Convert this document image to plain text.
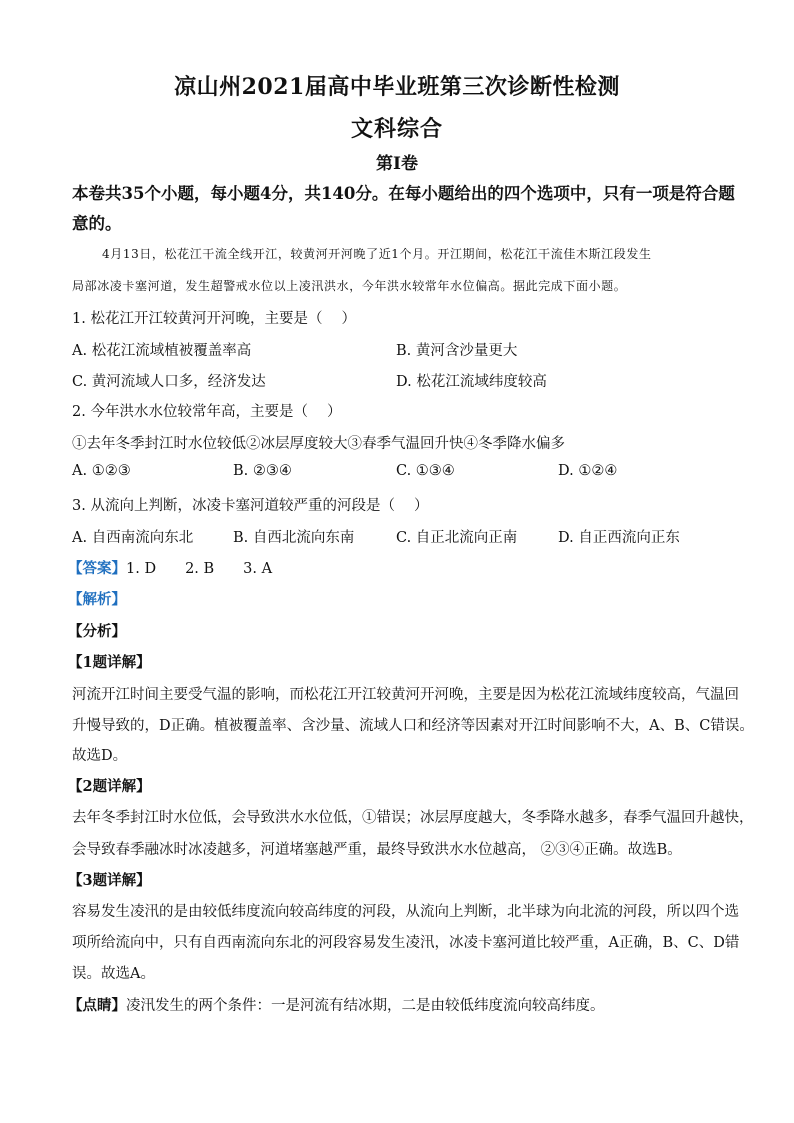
凉山州2021届高中毕业班第三次诊断性检测
文科综合
第I卷
本卷共35个小题，每小题4分，共140分。在每小题给出的四个选项中，只有一项是符合题
意的。
4月13日，松花江干流全线开江，较黄河开河晚了近1个月。开江期间，松花江干流佳木斯江段发生
局部冰凌卡塞河道，发生超警戒水位以上凌汛洪水，今年洪水较常年水位偏高。据此完成下面小题。
1. 松花江开江较黄河开河晚，主要是（　 ）
A. 松花江流域植被覆盖率高	B. 黄河含沙量更大
C. 黄河流域人口多，经济发达	D. 松花江流域纬度较高
2. 今年洪水水位较常年高，主要是（　 ）
①去年冬季封江时水位较低②冰层厚度较大③春季气温回升快④冬季降水偏多
A. ①②③	B. ②③④	C. ①③④	D. ①②④
3. 从流向上判断，冰凌卡塞河道较严重的河段是（　 ）
A. 自西南流向东北	B. 自西北流向东南	C. 自正北流向正南	D. 自正西流向正东
【答案】1. D　　2. B　　3. A
【解析】
【分析】
【1题详解】
河流开江时间主要受气温的影响，而松花江开江较黄河开河晚，主要是因为松花江流域纬度较高，气温回
升慢导致的，D正确。植被覆盖率、含沙量、流域人口和经济等因素对开江时间影响不大，A、B、C错误。
故选D。
【2题详解】
去年冬季封江时水位低，会导致洪水水位低，①错误；冰层厚度越大，冬季降水越多，春季气温回升越快，
会导致春季融冰时冰凌越多，河道堵塞越严重，最终导致洪水水位越高， ②③④正确。故选B。
【3题详解】
容易发生凌汛的是由较低纬度流向较高纬度的河段，从流向上判断，北半球为向北流的河段，所以四个选
项所给流向中，只有自西南流向东北的河段容易发生凌汛，冰凌卡塞河道比较严重，A正确，B、C、D错
误。故选A。
【点睛】凌汛发生的两个条件：一是河流有结冰期，二是由较低纬度流向较高纬度。
